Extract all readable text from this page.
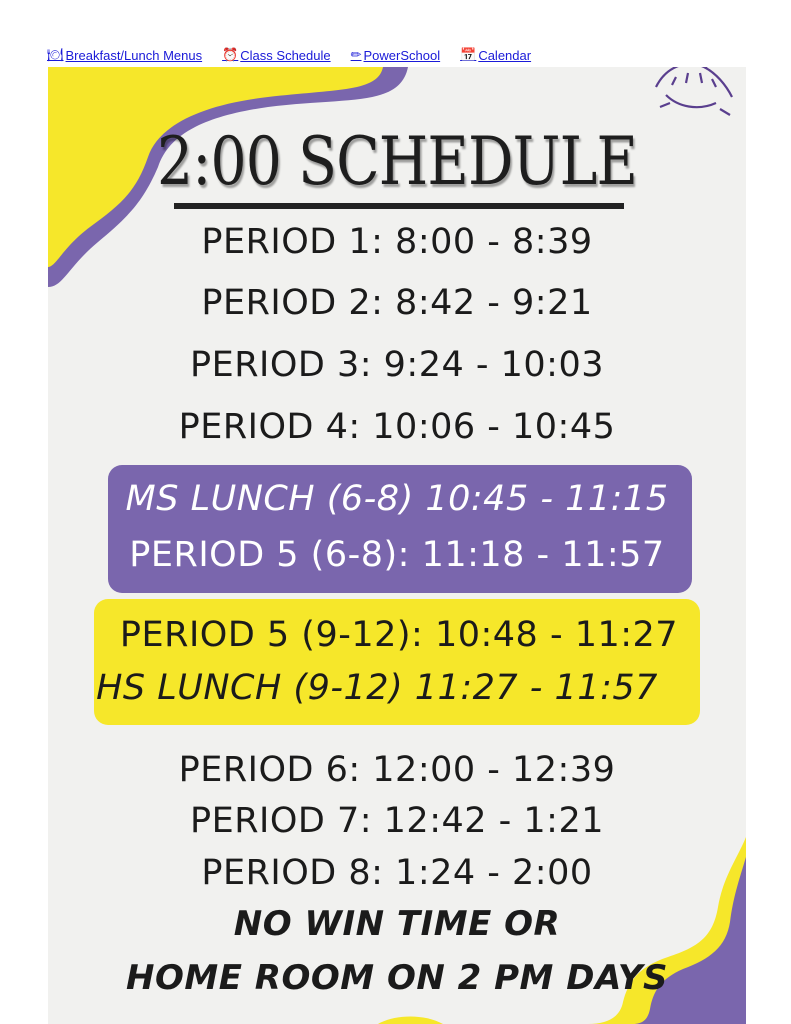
🍽 Breakfast/Lunch Menus ⏰ Class Schedule ✏ PowerSchool 📅 Calendar
2:00 SCHEDULE
PERIOD 1: 8:00 - 8:39
PERIOD 2: 8:42 - 9:21
PERIOD 3: 9:24 - 10:03
PERIOD 4: 10:06 - 10:45
MS LUNCH (6-8) 10:45 - 11:15
PERIOD 5 (6-8): 11:18 - 11:57
PERIOD 5 (9-12): 10:48 - 11:27
HS LUNCH (9-12) 11:27 - 11:57
PERIOD 6: 12:00 - 12:39
PERIOD 7: 12:42 - 1:21
PERIOD 8: 1:24 - 2:00
NO WIN TIME OR
HOME ROOM ON 2 PM DAYS
